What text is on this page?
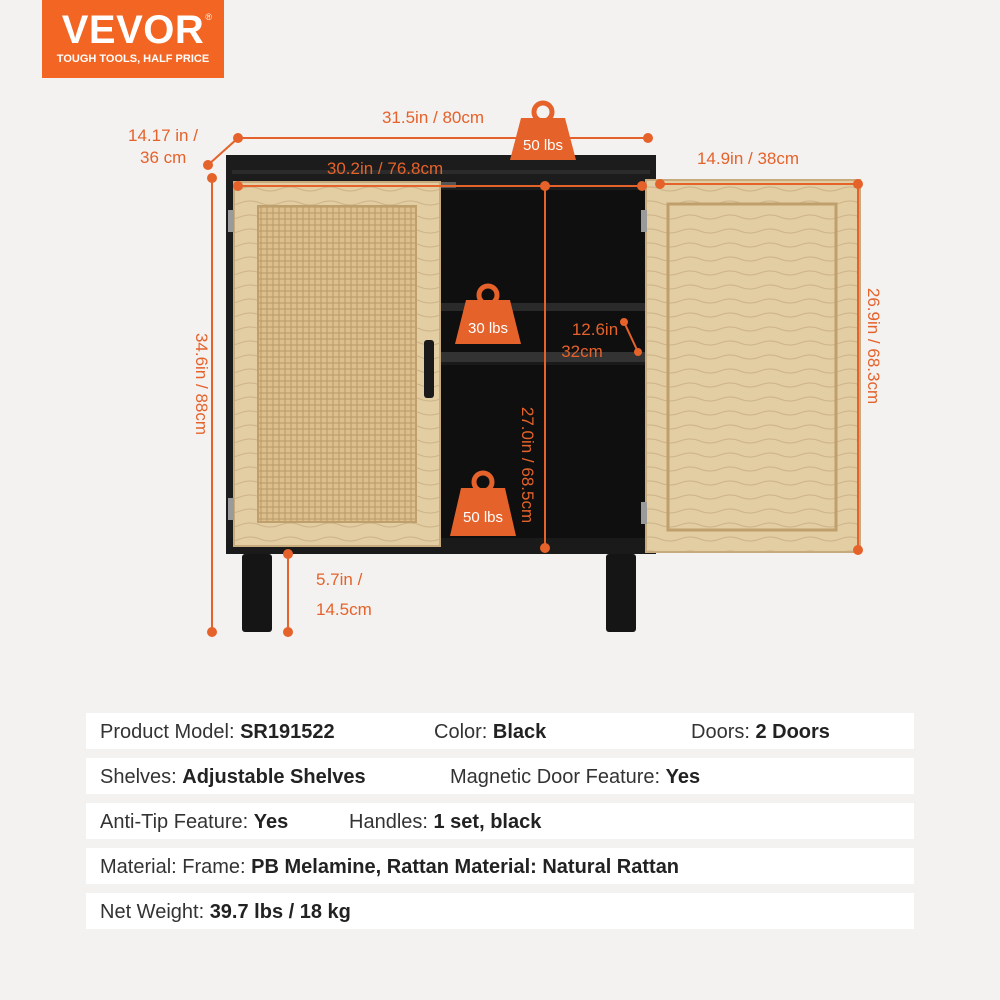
VEVOR ®
TOUGH TOOLS, HALF PRICE
50 lbs
30 lbs
50 lbs
31.5in / 80cm
14.17 in /
36 cm
30.2in / 76.8cm
14.9in / 38cm
12.6in
32cm
5.7in /
14.5cm
34.6in / 88cm	26.9in / 68.3cm
27.0in / 68.5cm
Product Model: SR191522	Color: Black	Doors: 2 Doors
Shelves: Adjustable Shelves	Magnetic Door Feature: Yes
Anti-Tip Feature: Yes	Handles: 1 set, black
Material: Frame: PB Melamine, Rattan Material: Natural Rattan
Net Weight: 39.7 lbs / 18 kg
